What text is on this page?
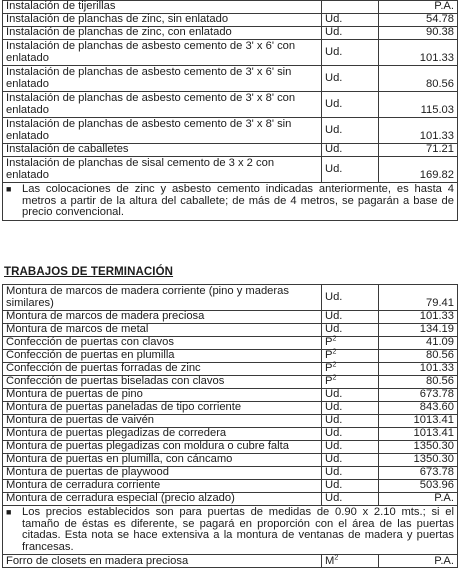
Instalación de tijerillas		P.A.
Instalación de planchas de zinc, sin enlatado	Ud.	54.78
Instalación de planchas de zinc, con enlatado	Ud.	90.38
Instalación de planchas de asbesto cemento de 3' x 6' con enlatado	Ud.	101.33
Instalación de planchas de asbesto cemento de 3' x 6' sin enlatado	Ud.	80.56
Instalación de planchas de asbesto cemento de 3' x 8' con enlatado	Ud.	115.03
Instalación de planchas de asbesto cemento de 3' x 8' sin enlatado	Ud.	101.33
Instalación de caballetes	Ud.	71.21
Instalación de planchas de sisal cemento de 3 x 2 con enlatado	Ud.	169.82

■ Las colocaciones de zinc y asbesto cemento indicadas anteriormente, es hasta 4 metros a partir de la altura del caballete; de más de 4 metros, se pagarán a base de precio convencional.		
TRABAJOS DE TERMINACIÓN
Montura de marcos de madera corriente (pino y maderas similares)	Ud.	79.41
Montura de marcos de madera preciosa	Ud.	101.33
Montura de marcos de metal	Ud.	134.19
Confección de puertas con clavos	$P^2$	41.09
Confección de puertas en plumilla	$P^2$	80.56
Confección de puertas forradas de zinc	$P^2$	101.33
Confección de puertas biseladas con clavos	$P^2$	80.56
Montura de puertas de pino	Ud.	673.78
Montura de puertas paneladas de tipo corriente	Ud.	843.60
Montura de puertas de vaivén	Ud.	1013.41
Montura de puertas plegadizas de corredera	Ud.	1013.41
Montura de puertas plegadizas con moldura o cubre falta	Ud.	1350.30
Montura de puertas en plumilla, con cáncamo	Ud.	1350.30
Montura de puertas de playwood	Ud.	673.78
Montura de cerradura corriente	Ud.	503.96
Montura de cerradura especial (precio alzado)	Ud.	P.A.

■ Los precios establecidos son para puertas de medidas de 0.90 x 2.10 mts.; si el tamaño de éstas es diferente, se pagará en proporción con el área de las puertas citadas. Esta nota se hace extensiva a la montura de ventanas de madera y puertas francesas.		

Forro de closets en madera preciosa	$M^2$	P.A.
